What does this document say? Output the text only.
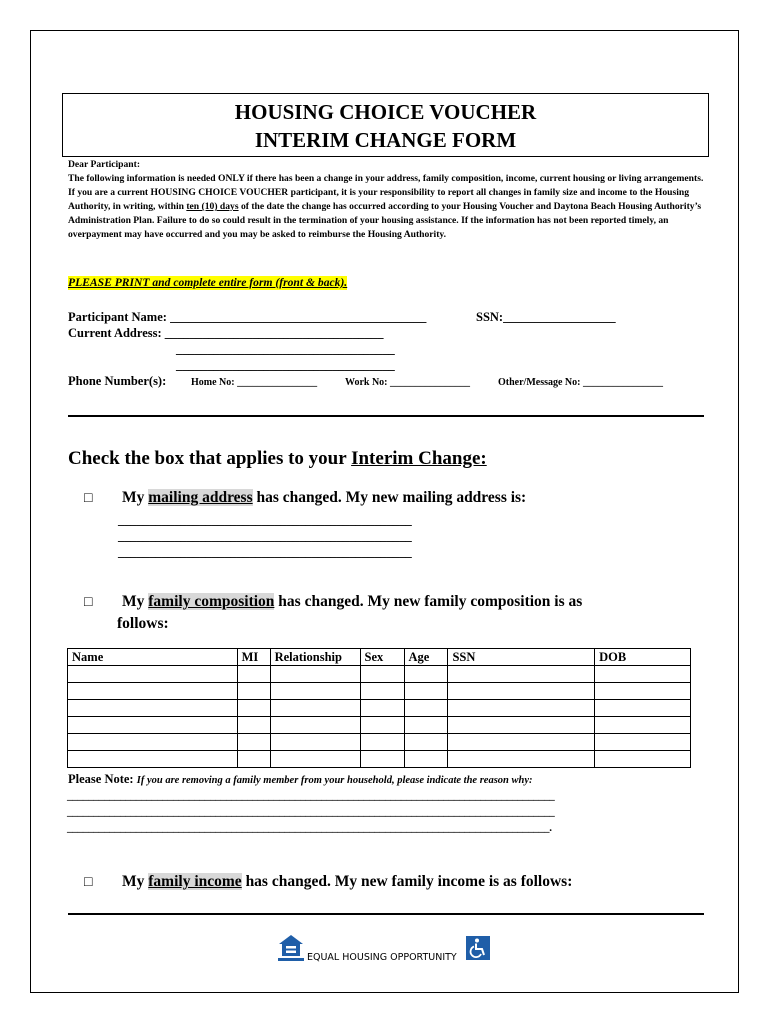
HOUSING CHOICE VOUCHER
INTERIM CHANGE FORM
Dear Participant:
The following information is needed ONLY if there has been a change in your address, family composition, income, current housing or living arrangements. If you are a current HOUSING CHOICE VOUCHER participant, it is your responsibility to report all changes in family size and income to the Housing Authority, in writing, within ten (10) days of the date the change has occurred according to your Housing Voucher and Daytona Beach Housing Authority’s Administration Plan. Failure to do so could result in the termination of your housing assistance. If the information has not been reported timely, an overpayment may have occurred and you may be asked to reimburse the Housing Authority.
PLEASE PRINT and complete entire form (front & back).
Participant Name: _________________________________________	SSN:__________________
Current Address: ___________________________________
___________________________________
___________________________________
Phone Number(s): Home No: ________________	Work No: ________________	Other/Message No: ________________
Check the box that applies to your Interim Change:
□ My mailing address has changed. My new mailing address is:
_______________________________________________
_______________________________________________
_______________________________________________
□ My family composition has changed. My new family composition is as
follows:
Name	MI	Relationship	Sex	Age	SSN	DOB

Please Note: If you are removing a family member from your household, please indicate the reason why:
____________________________________________________________________________________________
____________________________________________________________________________________________
___________________________________________________________________________________________.
□ My family income has changed. My new family income is as follows:
EQUAL HOUSING OPPORTUNITY
